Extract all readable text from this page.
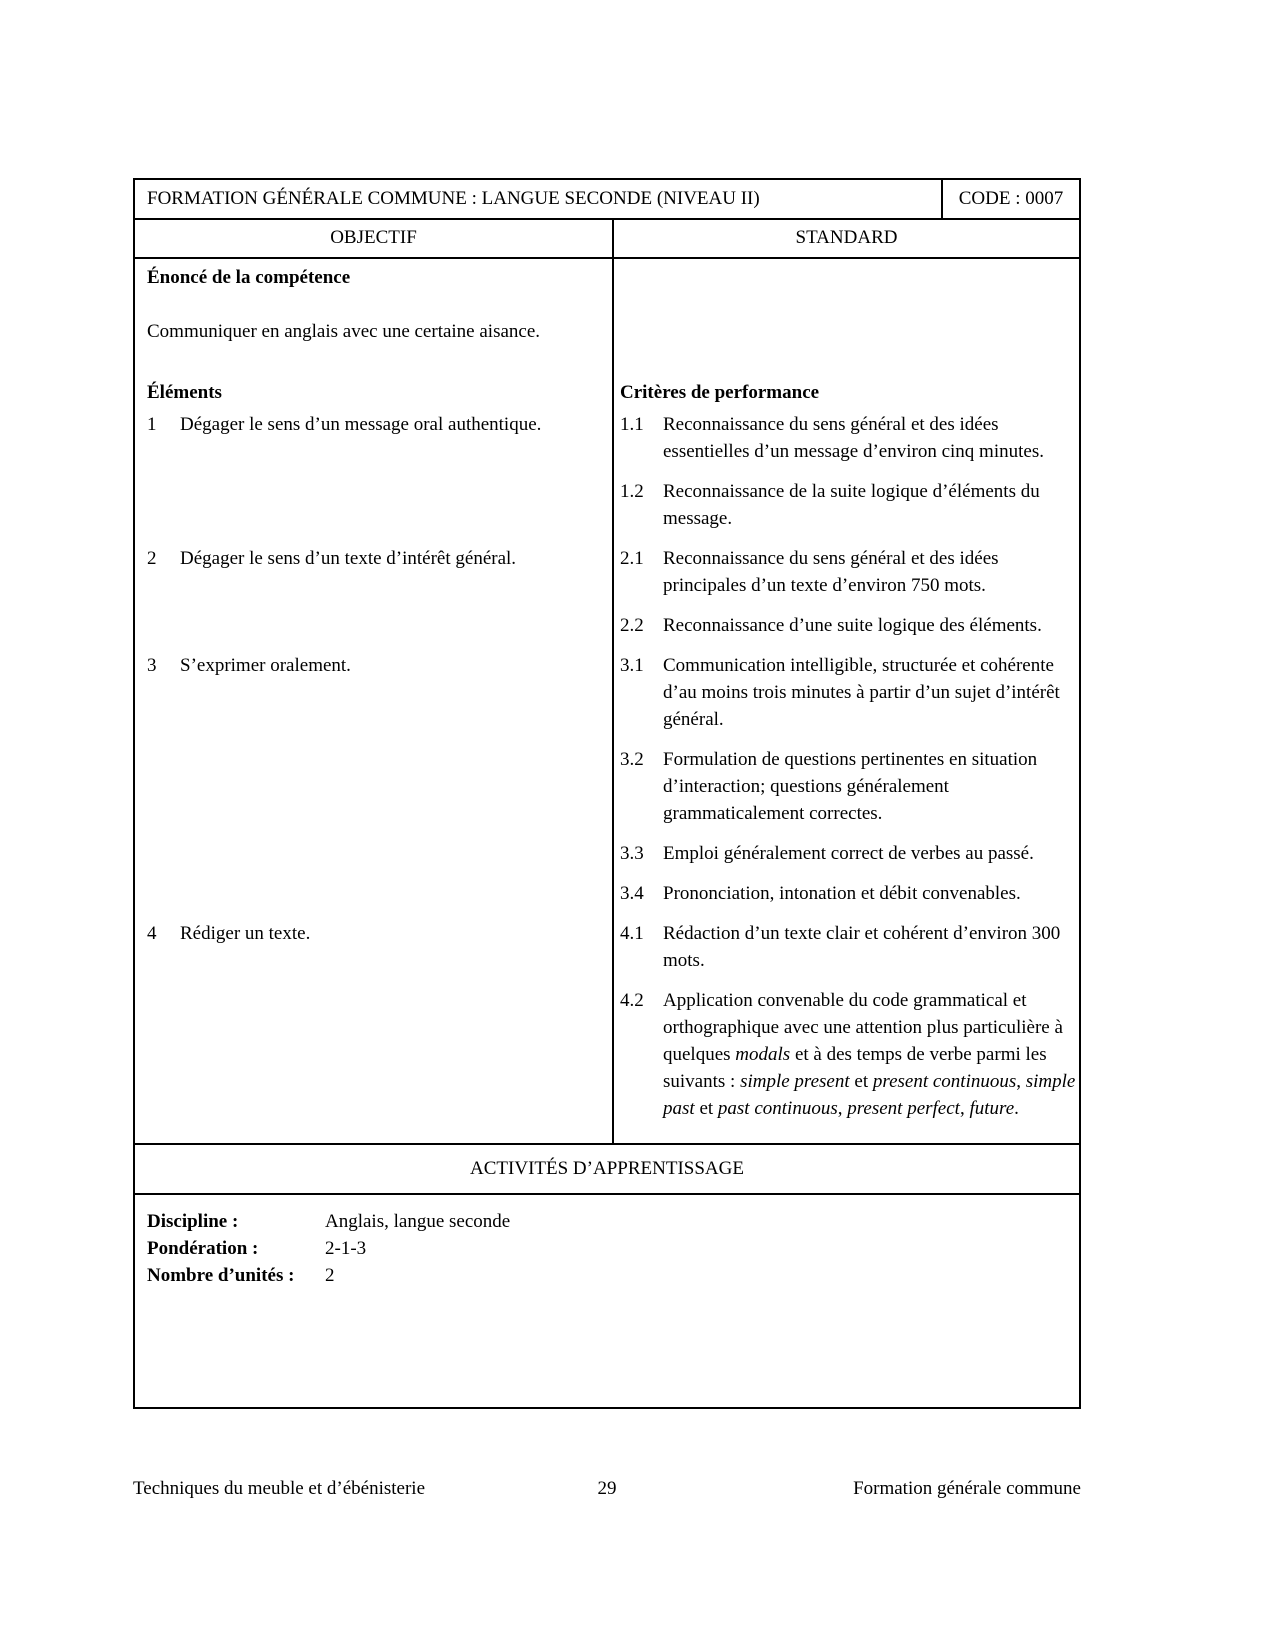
FORMATION GÉNÉRALE COMMUNE : LANGUE SECONDE (NIVEAU II)	CODE : 0007
OBJECTIF	STANDARD
Énoncé de la compétence
Communiquer en anglais avec une certaine aisance.
Éléments	Critères de performance
1	Dégager le sens d’un message oral authentique.	1.1	Reconnaissance du sens général et des idées essentielles d’un message d’environ cinq minutes.
1.2	Reconnaissance de la suite logique d’éléments du message.
2	Dégager le sens d’un texte d’intérêt général.	2.1	Reconnaissance du sens général et des idées principales d’un texte d’environ 750 mots.
2.2	Reconnaissance d’une suite logique des éléments.
3	S’exprimer oralement.	3.1	Communication intelligible, structurée et cohérente d’au moins trois minutes à partir d’un sujet d’intérêt général.
3.2	Formulation de questions pertinentes en situation d’interaction; questions généralement grammaticalement correctes.
3.3	Emploi généralement correct de verbes au passé.
3.4	Prononciation, intonation et débit convenables.
4	Rédiger un texte.	4.1	Rédaction d’un texte clair et cohérent d’environ 300 mots.
4.2	Application convenable du code grammatical et orthographique avec une attention plus particulière à quelques modals et à des temps de verbe parmi les suivants : simple present et present continuous, simple past et past continuous, present perfect, future.
ACTIVITÉS D’APPRENTISSAGE
Discipline :	Anglais, langue seconde
Pondération :	2-1-3
Nombre d’unités :	2
Techniques du meuble et d’ébénisterie	29	Formation générale commune
